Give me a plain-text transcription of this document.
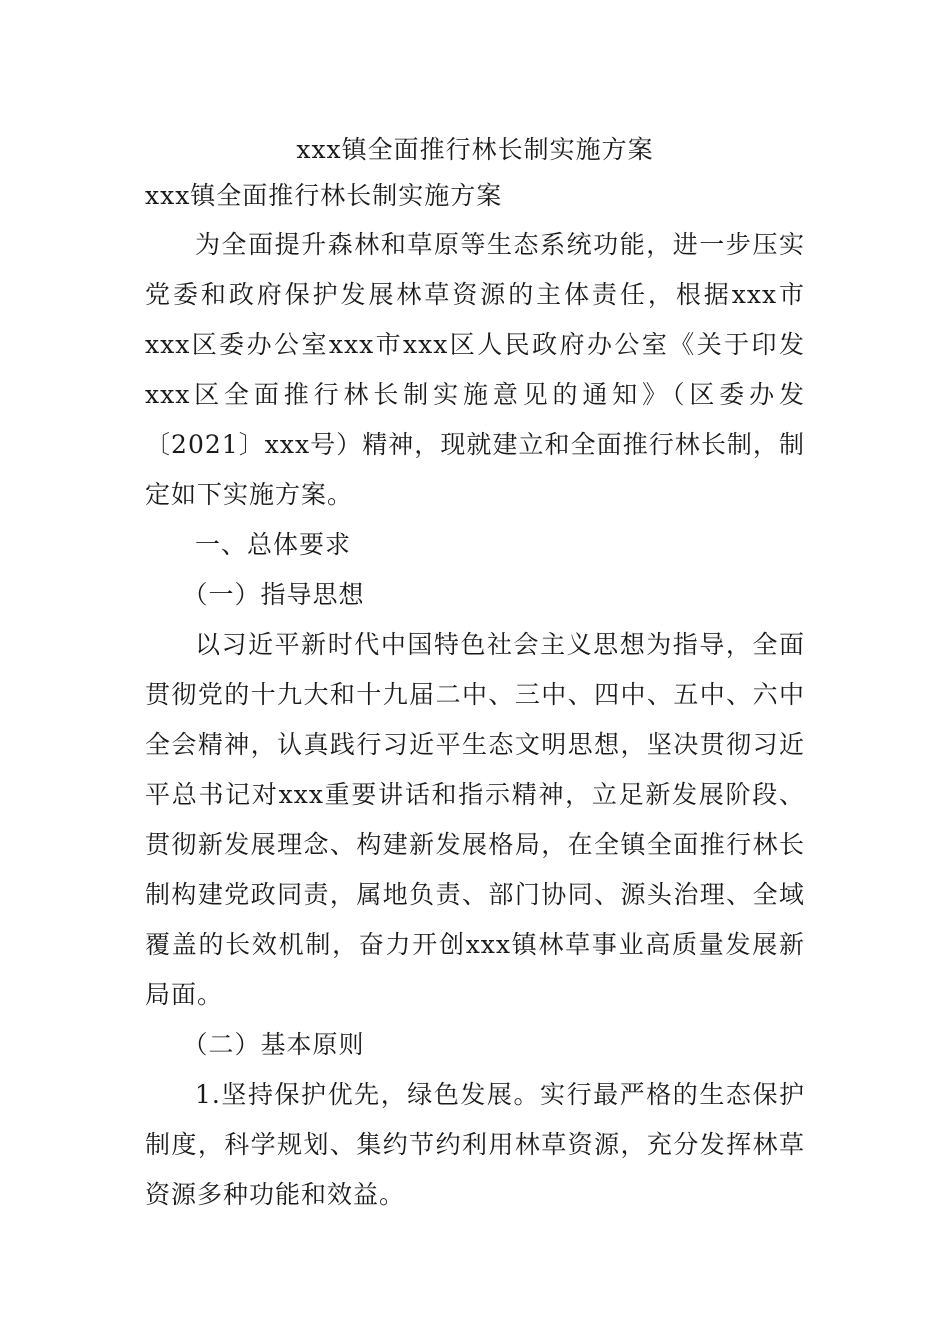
xxx镇全面推行林长制实施方案

xxx镇全面推行林长制实施方案

为全面提升森林和草原等生态系统功能，进一步压实党委和政府保护发展林草资源的主体责任，根据xxx市xxx区委办公室xxx市xxx区人民政府办公室《关于印发xxx区全面推行林长制实施意见的通知》（区委办发〔2021〕xxx号）精神，现就建立和全面推行林长制，制定如下实施方案。

一、总体要求

（一）指导思想

以习近平新时代中国特色社会主义思想为指导，全面贯彻党的十九大和十九届二中、三中、四中、五中、六中全会精神，认真践行习近平生态文明思想，坚决贯彻习近平总书记对xxx重要讲话和指示精神，立足新发展阶段、贯彻新发展理念、构建新发展格局，在全镇全面推行林长制构建党政同责，属地负责、部门协同、源头治理、全域覆盖的长效机制，奋力开创xxx镇林草事业高质量发展新局面。

（二）基本原则

1.坚持保护优先，绿色发展。实行最严格的生态保护制度，科学规划、集约节约利用林草资源，充分发挥林草资源多种功能和效益。
